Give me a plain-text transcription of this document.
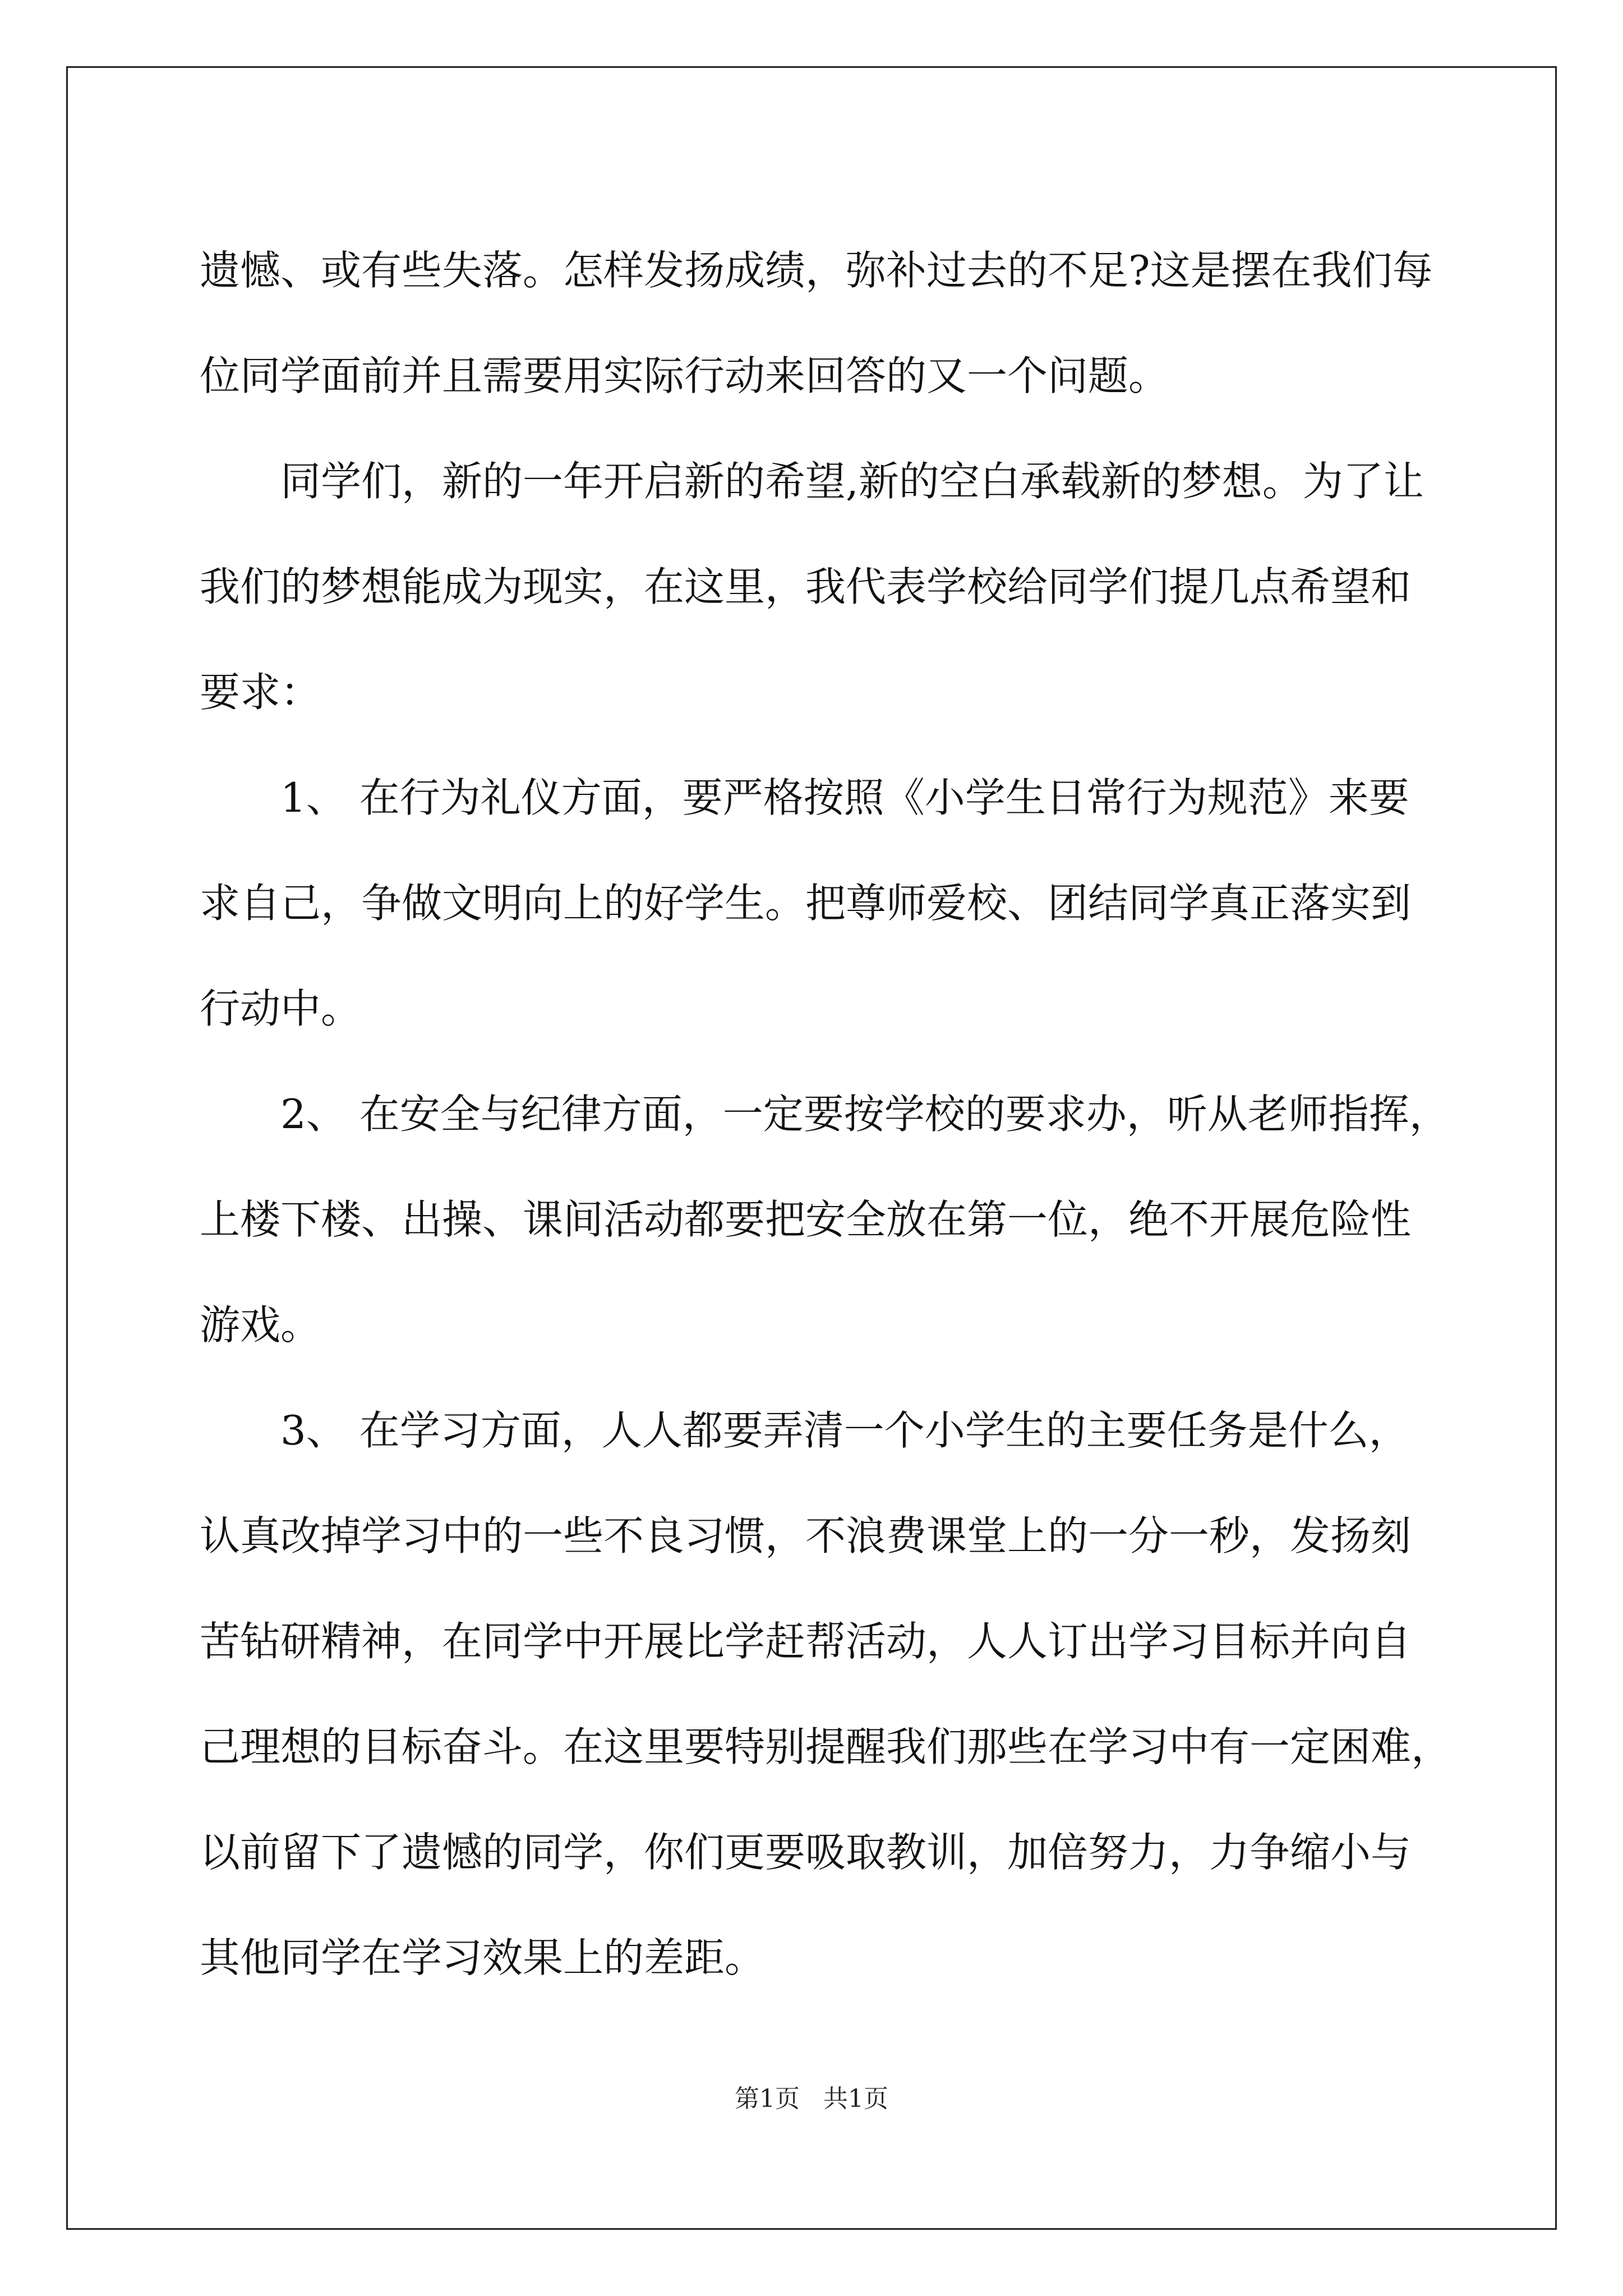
遗憾、或有些失落。怎样发扬成绩，弥补过去的不足?这是摆在我们每
位同学面前并且需要用实际行动来回答的又一个问题。
　　同学们，新的一年开启新的希望,新的空白承载新的梦想。为了让
我们的梦想能成为现实，在这里，我代表学校给同学们提几点希望和
要求：
　　1、 在行为礼仪方面，要严格按照《小学生日常行为规范》来要
求自己，争做文明向上的好学生。把尊师爱校、团结同学真正落实到
行动中。
　　2、 在安全与纪律方面，一定要按学校的要求办，听从老师指挥，
上楼下楼、出操、课间活动都要把安全放在第一位，绝不开展危险性
游戏。
　　3、 在学习方面，人人都要弄清一个小学生的主要任务是什么，
认真改掉学习中的一些不良习惯，不浪费课堂上的一分一秒，发扬刻
苦钻研精神，在同学中开展比学赶帮活动，人人订出学习目标并向自
己理想的目标奋斗。在这里要特别提醒我们那些在学习中有一定困难，
以前留下了遗憾的同学，你们更要吸取教训，加倍努力，力争缩小与
其他同学在学习效果上的差距。
第1页 共1页
